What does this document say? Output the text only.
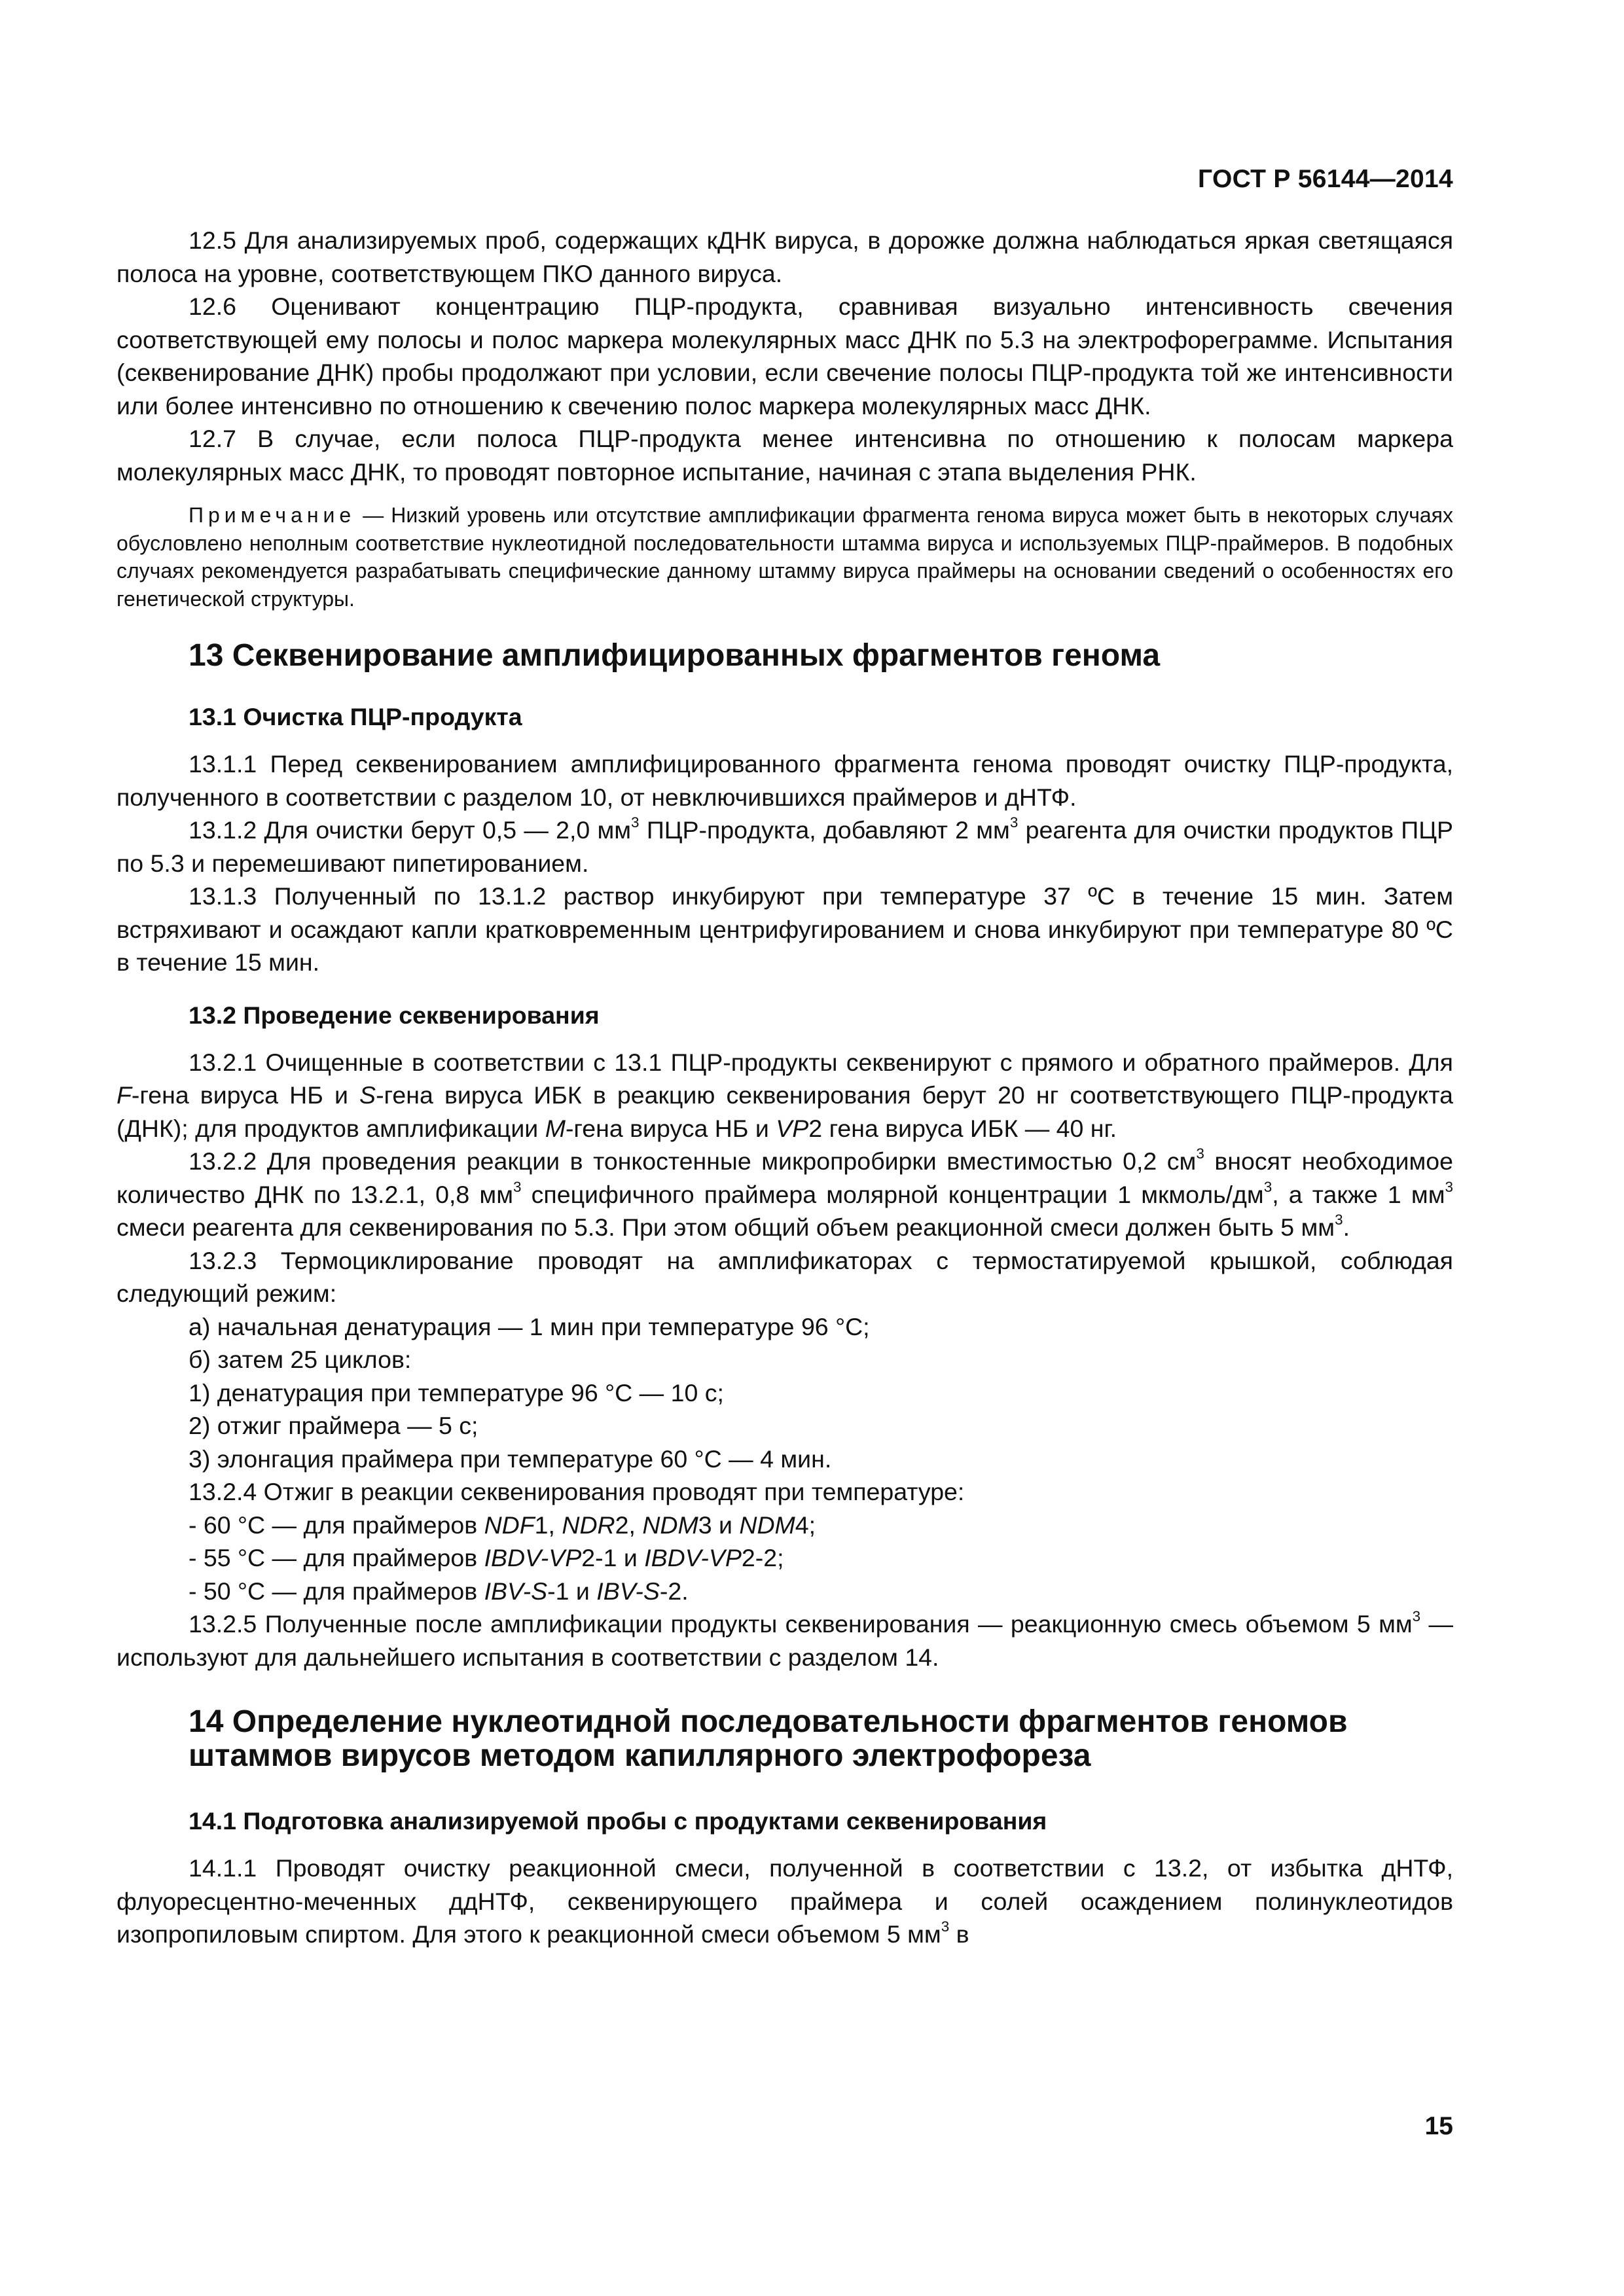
ГОСТ Р 56144—2014

12.5 Для анализируемых проб, содержащих кДНК вируса, в дорожке должна наблюдаться яркая светящаяся полоса на уровне, соответствующем ПКО данного вируса.

12.6 Оценивают концентрацию ПЦР-продукта, сравнивая визуально интенсивность свечения соответствующей ему полосы и полос маркера молекулярных масс ДНК по 5.3 на электрофореграмме. Испытания (секвенирование ДНК) пробы продолжают при условии, если свечение полосы ПЦР-продукта той же интенсивности или более интенсивно по отношению к свечению полос маркера молекулярных масс ДНК.

12.7 В случае, если полоса ПЦР-продукта менее интенсивна по отношению к полосам маркера молекулярных масс ДНК, то проводят повторное испытание, начиная с этапа выделения РНК.

Примечание — Низкий уровень или отсутствие амплификации фрагмента генома вируса может быть в некоторых случаях обусловлено неполным соответствие нуклеотидной последовательности штамма вируса и используемых ПЦР-праймеров. В подобных случаях рекомендуется разрабатывать специфические данному штамму вируса праймеры на основании сведений о особенностях его генетической структуры.

13 Секвенирование амплифицированных фрагментов генома
13.1 Очистка ПЦР-продукта

13.1.1 Перед секвенированием амплифицированного фрагмента генома проводят очистку ПЦР-продукта, полученного в соответствии с разделом 10, от невключившихся праймеров и дНТФ.

13.1.2 Для очистки берут 0,5 — 2,0 $мм^3$ ПЦР-продукта, добавляют 2 $мм^3$ реагента для очистки продуктов ПЦР по 5.3 и перемешивают пипетированием.

13.1.3 Полученный по 13.1.2 раствор инкубируют при температуре 37 ºС в течение 15 мин. Затем встряхивают и осаждают капли кратковременным центрифугированием и снова инкубируют при температуре 80 ºС в течение 15 мин.

13.2 Проведение секвенирования

13.2.1 Очищенные в соответствии с 13.1 ПЦР-продукты секвенируют с прямого и обратного праймеров. Для F-гена вируса НБ и S-гена вируса ИБК в реакцию секвенирования берут 20 нг соответствующего ПЦР-продукта (ДНК); для продуктов амплификации M-гена вируса НБ и VP2 гена вируса ИБК — 40 нг.

13.2.2 Для проведения реакции в тонкостенные микропробирки вместимостью 0,2 $см^3$ вносят необходимое количество ДНК по 13.2.1, 0,8 $мм^3$ специфичного праймера молярной концентрации 1 мкмоль/$дм^3$, а также 1 $мм^3$ смеси реагента для секвенирования по 5.3. При этом общий объем реакционной смеси должен быть 5 $мм^3$.

13.2.3 Термоциклирование проводят на амплификаторах с термостатируемой крышкой, соблюдая следующий режим:

а) начальная денатурация — 1 мин при температуре 96 °С;

б) затем 25 циклов:

1) денатурация при температуре 96 °С — 10 с;

2) отжиг праймера — 5 с;

3) элонгация праймера при температуре 60 °С — 4 мин.

13.2.4 Отжиг в реакции секвенирования проводят при температуре:

- 60 °С — для праймеров NDF1, NDR2, NDM3 и NDM4;

- 55 °С — для праймеров IBDV-VP2-1 и IBDV-VP2-2;

- 50 °С — для праймеров IBV-S-1 и IBV-S-2.

13.2.5 Полученные после амплификации продукты секвенирования — реакционную смесь объемом 5 $мм^3$ — используют для дальнейшего испытания в соответствии с разделом 14.

14 Определение нуклеотидной последовательности фрагментов геномов штаммов вирусов методом капиллярного электрофореза
14.1 Подготовка анализируемой пробы с продуктами секвенирования

14.1.1 Проводят очистку реакционной смеси, полученной в соответствии с 13.2, от избытка дНТФ, флуоресцентно-меченных ддНТФ, секвенирующего праймера и солей осаждением полинуклеотидов изопропиловым спиртом. Для этого к реакционной смеси объемом 5 $мм^3$ в

15
